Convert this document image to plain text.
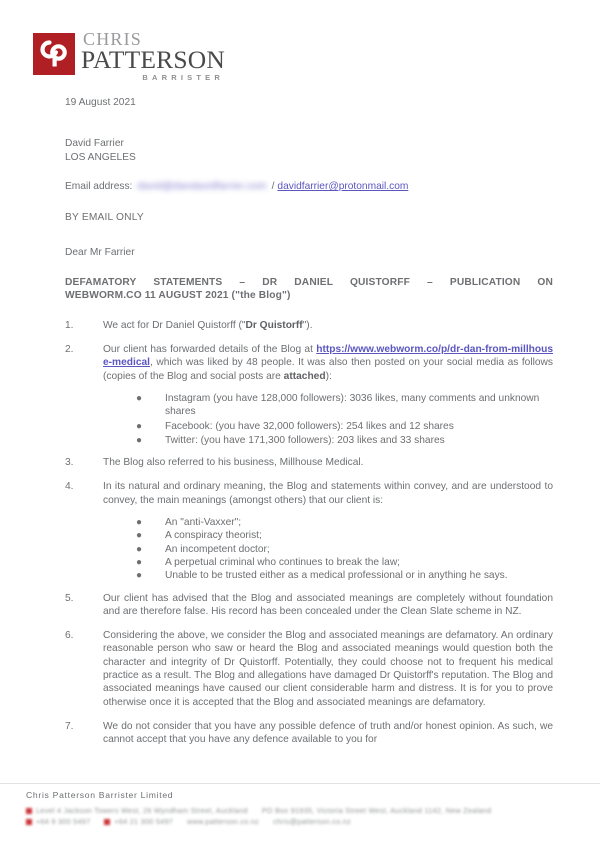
CHRIS
PATTERSON
BARRISTER

19 August 2021

David Farrier
LOS ANGELES
Email address: david@dandavidfarrier.com / davidfarrier@protonmail.com

BY EMAIL ONLY

Dear Mr Farrier

DEFAMATORY STATEMENTS – DR DANIEL QUISTORFF – PUBLICATION ON
WEBWORM.CO 11 AUGUST 2021 ("the Blog")
1.	We act for Dr Daniel Quistorff ("Dr Quistorff").
2.	Our client has forwarded details of the Blog at https://www.webworm.co/p/dr-dan-from-millhouse-medical, which was liked by 48 people. It was also then posted on your social media as follows (copies of the Blog and social posts are attached):
● Instagram (you have 128,000 followers): 3036 likes, many comments and unknown shares
● Facebook: (you have 32,000 followers): 254 likes and 12 shares
● Twitter: (you have 171,300 followers): 203 likes and 33 shares
3.	The Blog also referred to his business, Millhouse Medical.
4.	In its natural and ordinary meaning, the Blog and statements within convey, and are understood to convey, the main meanings (amongst others) that our client is:
● An "anti-Vaxxer";
● A conspiracy theorist;
● An incompetent doctor;
● A perpetual criminal who continues to break the law;
● Unable to be trusted either as a medical professional or in anything he says.
5.	Our client has advised that the Blog and associated meanings are completely without foundation and are therefore false. His record has been concealed under the Clean Slate scheme in NZ.
6.	Considering the above, we consider the Blog and associated meanings are defamatory. An ordinary reasonable person who saw or heard the Blog and associated meanings would question both the character and integrity of Dr Quistorff. Potentially, they could choose not to frequent his medical practice as a result. The Blog and allegations have damaged Dr Quistorff's reputation. The Blog and associated meanings have caused our client considerable harm and distress. It is for you to prove otherwise once it is accepted that the Blog and associated meanings are defamatory.
7.	We do not consider that you have any possible defence of truth and/or honest opinion. As such, we cannot accept that you have any defence available to you for
Chris Patterson Barrister Limited
Level 4 Jackson Towers West, 26 Wyndham Street, Auckland PO Box 91935, Victoria Street West, Auckland 1142, New Zealand
+64 9 300 5497	+64 21 300 5497 www.patterson.co.nz chris@patterson.co.nz
